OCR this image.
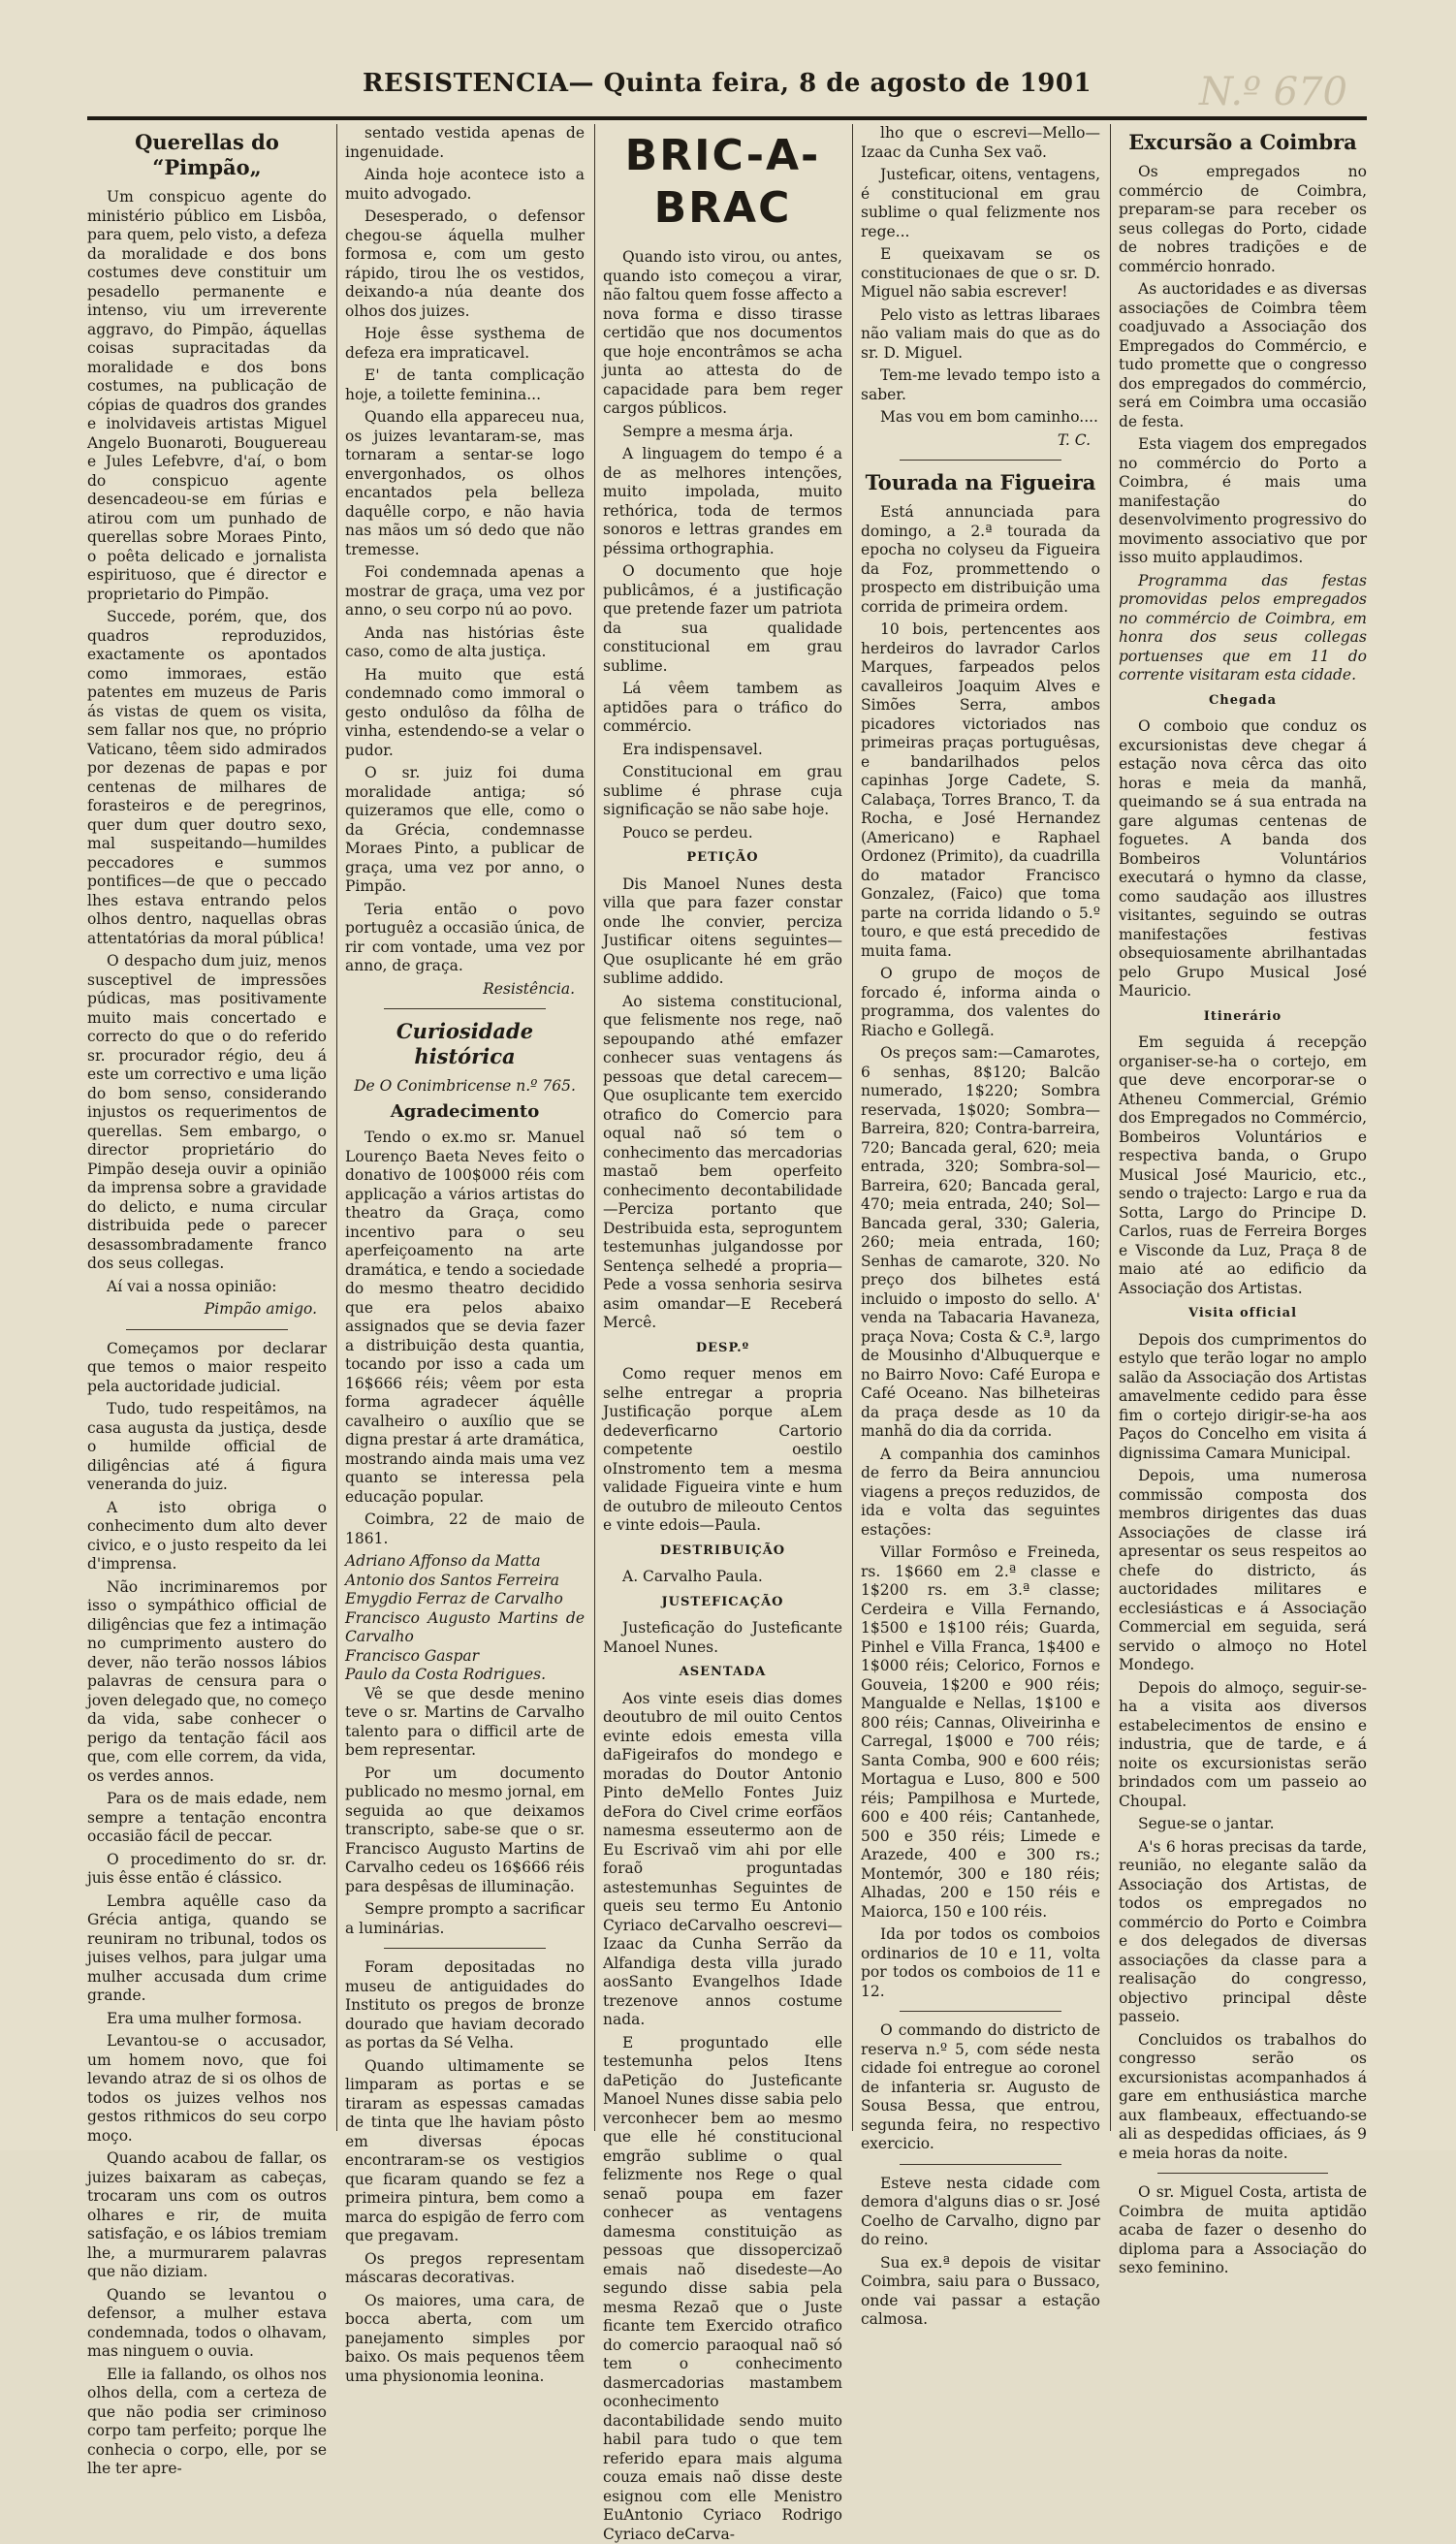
RESISTENCIA— Quinta feira, 8 de agosto de 1901	N.º 670
Querellas do “Pimpão„

Um conspicuo agente do ministério público em Lisbôa, para quem, pelo visto, a defeza da moralidade e dos bons costumes deve constituir um pesadello permanente e intenso, viu um irreverente aggravo, do Pimpão, áquellas coisas supracitadas da moralidade e dos bons costumes, na publicação de cópias de quadros dos grandes e inolvidaveis artistas Miguel Angelo Buonaroti, Bouguereau e Jules Lefebvre, d'aí, o bom do conspicuo agente desencadeou-se em fúrias e atirou com um punhado de querellas sobre Moraes Pinto, o poêta delicado e jornalista espirituoso, que é director e proprietario do Pimpão.

Succede, porém, que, dos quadros reproduzidos, exactamente os apontados como immoraes, estão patentes em muzeus de Paris ás vistas de quem os visita, sem fallar nos que, no próprio Vaticano, têem sido admirados por dezenas de papas e por centenas de milhares de forasteiros e de peregrinos, quer dum quer doutro sexo, mal suspeitando—humildes peccadores e summos pontifices—de que o peccado lhes estava entrando pelos olhos dentro, naquellas obras attentatórias da moral pública!

O despacho dum juiz, menos susceptivel de impressões púdicas, mas positivamente muito mais concertado e correcto do que o do referido sr. procurador régio, deu á este um correctivo e uma lição do bom senso, considerando injustos os requerimentos de querellas. Sem embargo, o director proprietário do Pimpão deseja ouvir a opinião da imprensa sobre a gravidade do delicto, e numa circular distribuida pede o parecer desassombradamente franco dos seus collegas.

Aí vai a nossa opinião:

Pimpão amigo.

Começamos por declarar que temos o maior respeito pela auctoridade judicial.

Tudo, tudo respeitâmos, na casa augusta da justiça, desde o humilde official de diligências até á figura veneranda do juiz.

A isto obriga o conhecimento dum alto dever civico, e o justo respeito da lei d'imprensa.

Não incriminaremos por isso o sympáthico official de diligências que fez a intimação no cumprimento austero do dever, não terão nossos lábios palavras de censura para o joven delegado que, no começo da vida, sabe conhecer o perigo da tentação fácil aos que, com elle correm, da vida, os verdes annos.

Para os de mais edade, nem sempre a tentação encontra occasião fácil de peccar.

O procedimento do sr. dr. juis êsse então é clássico.

Lembra aquêlle caso da Grécia antiga, quando se reuniram no tribunal, todos os juises velhos, para julgar uma mulher accusada dum crime grande.

Era uma mulher formosa.

Levantou-se o accusador, um homem novo, que foi levando atraz de si os olhos de todos os juizes velhos nos gestos rithmicos do seu corpo moço.

Quando acabou de fallar, os juizes baixaram as cabeças, trocaram uns com os outros olhares e rir, de muita satisfação, e os lábios tremiam lhe, a murmurarem palavras que não diziam.

Quando se levantou o defensor, a mulher estava condemnada, todos o olhavam, mas ninguem o ouvia.

Elle ia fallando, os olhos nos olhos della, com a certeza de que não podia ser criminoso corpo tam perfeito; porque lhe conhecia o corpo, elle, por se lhe ter apre-

sentado vestida apenas de ingenuidade.

Ainda hoje acontece isto a muito advogado.

Desesperado, o defensor chegou-se áquella mulher formosa e, com um gesto rápido, tirou lhe os vestidos, deixando-a núa deante dos olhos dos juizes.

Hoje êsse systhema de defeza era impraticavel.

E' de tanta complicação hoje, a toilette feminina...

Quando ella appareceu nua, os juizes levantaram-se, mas tornaram a sentar-se logo envergonhados, os olhos encantados pela belleza daquêlle corpo, e não havia nas mãos um só dedo que não tremesse.

Foi condemnada apenas a mostrar de graça, uma vez por anno, o seu corpo nú ao povo.

Anda nas histórias êste caso, como de alta justiça.

Ha muito que está condemnado como immoral o gesto ondulôso da fôlha de vinha, estendendo-se a velar o pudor.

O sr. juiz foi duma moralidade antiga; só quizeramos que elle, como o da Grécia, condemnasse Moraes Pinto, a publicar de graça, uma vez por anno, o Pimpão.

Teria então o povo portuguêz a occasião única, de rir com vontade, uma vez por anno, de graça.

Resistência.
Curiosidade histórica
De O Conimbricense n.º 765.
Agradecimento

Tendo o ex.mo sr. Manuel Lourenço Baeta Neves feito o donativo de 100$000 réis com applicação a vários artistas do theatro da Graça, como incentivo para o seu aperfeiçoamento na arte dramática, e tendo a sociedade do mesmo theatro decidido que era pelos abaixo assignados que se devia fazer a distribuição desta quantia, tocando por isso a cada um 16$666 réis; vêem por esta forma agradecer áquêlle cavalheiro o auxílio que se digna prestar á arte dramática, mostrando ainda mais uma vez quanto se interessa pela educação popular.

Coimbra, 22 de maio de 1861.

Adriano Affonso da Matta
Antonio dos Santos Ferreira
Emygdio Ferraz de Carvalho
Francisco Augusto Martins de Carvalho
Francisco Gaspar
Paulo da Costa Rodrigues.

Vê se que desde menino teve o sr. Martins de Carvalho talento para o difficil arte de bem representar.

Por um documento publicado no mesmo jornal, em seguida ao que deixamos transcripto, sabe-se que o sr. Francisco Augusto Martins de Carvalho cedeu os 16$666 réis para despêsas de illuminação.

Sempre prompto a sacrificar a luminárias.

Foram depositadas no museu de antiguidades do Instituto os pregos de bronze dourado que haviam decorado as portas da Sé Velha.

Quando ultimamente se limparam as portas e se tiraram as espessas camadas de tinta que lhe haviam pôsto em diversas épocas encontraram-se os vestigios que ficaram quando se fez a primeira pintura, bem como a marca do espigão de ferro com que pregavam.

Os pregos representam máscaras decorativas.

Os maiores, uma cara, de bocca aberta, com um panejamento simples por baixo. Os mais pequenos têem uma physionomia leonina.

BRIC-A-BRAC

Quando isto virou, ou antes, quando isto começou a virar, não faltou quem fosse affecto a nova forma e disso tirasse certidão que nos documentos que hoje encontrâmos se acha junta ao attesta do de capacidade para bem reger cargos públicos.

Sempre a mesma árja.

A linguagem do tempo é a de as melhores intenções, muito impolada, muito rethórica, toda de termos sonoros e lettras grandes em péssima orthographia.

O documento que hoje publicâmos, é a justificação que pretende fazer um patriota da sua qualidade constitucional em grau sublime.

Lá vêem tambem as aptidões para o tráfico do commércio.

Era indispensavel.

Constitucional em grau sublime é phrase cuja significação se não sabe hoje.

Pouco se perdeu.

PETIÇÃO

Dis Manoel Nunes desta villa que para fazer constar onde lhe convier, perciza Justificar oitens seguintes—Que osuplicante hé em grão sublime addido.

Ao sistema constitucional, que felismente nos rege, naõ sepoupando athé emfazer conhecer suas ventagens ás pessoas que detal carecem—Que osuplicante tem exercido otrafico do Comercio para oqual naõ só tem o conhecimento das mercadorias mastaõ bem operfeito conhecimento decontabilidade—Perciza portanto que Destribuida esta, seproguntem testemunhas julgandosse por Sentença selhedé a propria—Pede a vossa senhoria sesirva asim omandar—E Receberá Mercê.

DESP.º

Como requer menos em selhe entregar a propria Justificação porque aLem dedeverficarno Cartorio competente oestilo oInstromento tem a mesma validade Figueira vinte e hum de outubro de mileouto Centos e vinte edois—Paula.

DESTRIBUIÇÃO

A. Carvalho Paula.

JUSTEFICAÇÃO

Justeficação do Justeficante Manoel Nunes.

ASENTADA

Aos vinte eseis dias domes deoutubro de mil ouito Centos evinte edois emesta villa daFigeirafos do mondego e moradas do Doutor Antonio Pinto deMello Fontes Juiz deFora do Civel crime eorfãos namesma esseutermo aon de Eu Escrivaõ vim ahi por elle foraõ proguntadas astestemunhas Seguintes de queis seu termo Eu Antonio Cyriaco deCarvalho oescrevi—Izaac da Cunha Serrão da Alfandiga desta villa jurado aosSanto Evangelhos Idade trezenove annos costume nada.

E proguntado elle testemunha pelos Itens daPetição do Justeficante Manoel Nunes disse sabia pelo verconhecer bem ao mesmo que elle hé constitucional emgrão sublime o qual felizmente nos Rege o qual senaõ poupa em fazer conhecer as ventagens damesma constituição as pessoas que dissopercizaõ emais naõ disedeste—Ao segundo disse sabia pela mesma Rezaõ que o Juste ficante tem Exercido otrafico do comercio paraoqual naõ só tem o conhecimento dasmercadorias mastambem oconhecimento dacontabilidade sendo muito habil para tudo o que tem referido epara mais alguma couza emais naõ disse deste esignou com elle Menistro EuAntonio Cyriaco Rodrigo Cyriaco deCarva-

lho que o escrevi—Mello—Izaac da Cunha Sex vaõ.

Justeficar, oitens, ventagens, é constitucional em grau sublime o qual felizmente nos rege...

E queixavam se os constitucionaes de que o sr. D. Miguel não sabia escrever!

Pelo visto as lettras libaraes não valiam mais do que as do sr. D. Miguel.

Tem-me levado tempo isto a saber.

Mas vou em bom caminho....

T. C.
Tourada na Figueira

Está annunciada para domingo, a 2.ª tourada da epocha no colyseu da Figueira da Foz, prommettendo o prospecto em distribuição uma corrida de primeira ordem.

10 bois, pertencentes aos herdeiros do lavrador Carlos Marques, farpeados pelos cavalleiros Joaquim Alves e Simões Serra, ambos picadores victoriados nas primeiras praças portuguêsas, e bandarilhados pelos capinhas Jorge Cadete, S. Calabaça, Torres Branco, T. da Rocha, e José Hernandez (Americano) e Raphael Ordonez (Primito), da cuadrilla do matador Francisco Gonzalez, (Faico) que toma parte na corrida lidando o 5.º touro, e que está precedido de muita fama.

O grupo de moços de forcado é, informa ainda o programma, dos valentes do Riacho e Gollegã.

Os preços sam:—Camarotes, 6 senhas, 8$120; Balcão numerado, 1$220; Sombra reservada, 1$020; Sombra—Barreira, 820; Contra-barreira, 720; Bancada geral, 620; meia entrada, 320; Sombra-sol—Barreira, 620; Bancada geral, 470; meia entrada, 240; Sol—Bancada geral, 330; Galeria, 260; meia entrada, 160; Senhas de camarote, 320. No preço dos bilhetes está incluido o imposto do sello. A' venda na Tabacaria Havaneza, praça Nova; Costa & C.ª, largo de Mousinho d'Albuquerque e no Bairro Novo: Café Europa e Café Oceano. Nas bilheteiras da praça desde as 10 da manhã do dia da corrida.

A companhia dos caminhos de ferro da Beira annunciou viagens a preços reduzidos, de ida e volta das seguintes estações:

Villar Formôso e Freineda, rs. 1$660 em 2.ª classe e 1$200 rs. em 3.ª classe; Cerdeira e Villa Fernando, 1$500 e 1$100 réis; Guarda, Pinhel e Villa Franca, 1$400 e 1$000 réis; Celorico, Fornos e Gouveia, 1$200 e 900 réis; Mangualde e Nellas, 1$100 e 800 réis; Cannas, Oliveirinha e Carregal, 1$000 e 700 réis; Santa Comba, 900 e 600 réis; Mortagua e Luso, 800 e 500 réis; Pampilhosa e Murtede, 600 e 400 réis; Cantanhede, 500 e 350 réis; Limede e Arazede, 400 e 300 rs.; Montemór, 300 e 180 réis; Alhadas, 200 e 150 réis e Maiorca, 150 e 100 réis.

Ida por todos os comboios ordinarios de 10 e 11, volta por todos os comboios de 11 e 12.

O commando do districto de reserva n.º 5, com séde nesta cidade foi entregue ao coronel de infanteria sr. Augusto de Sousa Bessa, que entrou, segunda feira, no respectivo exercicio.

Esteve nesta cidade com demora d'alguns dias o sr. José Coelho de Carvalho, digno par do reino.

Sua ex.ª depois de visitar Coimbra, saiu para o Bussaco, onde vai passar a estação calmosa.

Excursão a Coimbra

Os empregados no commércio de Coimbra, preparam-se para receber os seus collegas do Porto, cidade de nobres tradições e de commércio honrado.

As auctoridades e as diversas associações de Coimbra têem coadjuvado a Associação dos Empregados do Commércio, e tudo promette que o congresso dos empregados do commércio, será em Coimbra uma occasião de festa.

Esta viagem dos empregados no commércio do Porto a Coimbra, é mais uma manifestação do desenvolvimento progressivo do movimento associativo que por isso muito applaudimos.

Programma das festas promovidas pelos empregados no commércio de Coimbra, em honra dos seus collegas portuenses que em 11 do corrente visitaram esta cidade.

Chegada

O comboio que conduz os excursionistas deve chegar á estação nova cêrca das oito horas e meia da manhã, queimando se á sua entrada na gare algumas centenas de foguetes. A banda dos Bombeiros Voluntários executará o hymno da classe, como saudação aos illustres visitantes, seguindo se outras manifestações festivas obsequiosamente abrilhantadas pelo Grupo Musical José Mauricio.

Itinerário

Em seguida á recepção organiser-se-ha o cortejo, em que deve encorporar-se o Atheneu Commercial, Grémio dos Empregados no Commércio, Bombeiros Voluntários e respectiva banda, o Grupo Musical José Mauricio, etc., sendo o trajecto: Largo e rua da Sotta, Largo do Principe D. Carlos, ruas de Ferreira Borges e Visconde da Luz, Praça 8 de maio até ao edificio da Associação dos Artistas.

Visita official

Depois dos cumprimentos do estylo que terão logar no amplo salão da Associação dos Artistas amavelmente cedido para êsse fim o cortejo dirigir-se-ha aos Paços do Concelho em visita á dignissima Camara Municipal.

Depois, uma numerosa commissão composta dos membros dirigentes das duas Associações de classe irá apresentar os seus respeitos ao chefe do districto, ás auctoridades militares e ecclesiásticas e á Associação Commercial em seguida, será servido o almoço no Hotel Mondego.

Depois do almoço, seguir-se-ha a visita aos diversos estabelecimentos de ensino e industria, que de tarde, e á noite os excursionistas serão brindados com um passeio ao Choupal.

Segue-se o jantar.

A's 6 horas precisas da tarde, reunião, no elegante salão da Associação dos Artistas, de todos os empregados no commércio do Porto e Coimbra e dos delegados de diversas associações da classe para a realisação do congresso, objectivo principal dêste passeio.

Concluidos os trabalhos do congresso serão os excursionistas acompanhados á gare em enthusiástica marche aux flambeaux, effectuando-se ali as despedidas officiaes, ás 9 e meia horas da noite.

O sr. Miguel Costa, artista de Coimbra de muita aptidão acaba de fazer o desenho do diploma para a Associação do sexo feminino.
